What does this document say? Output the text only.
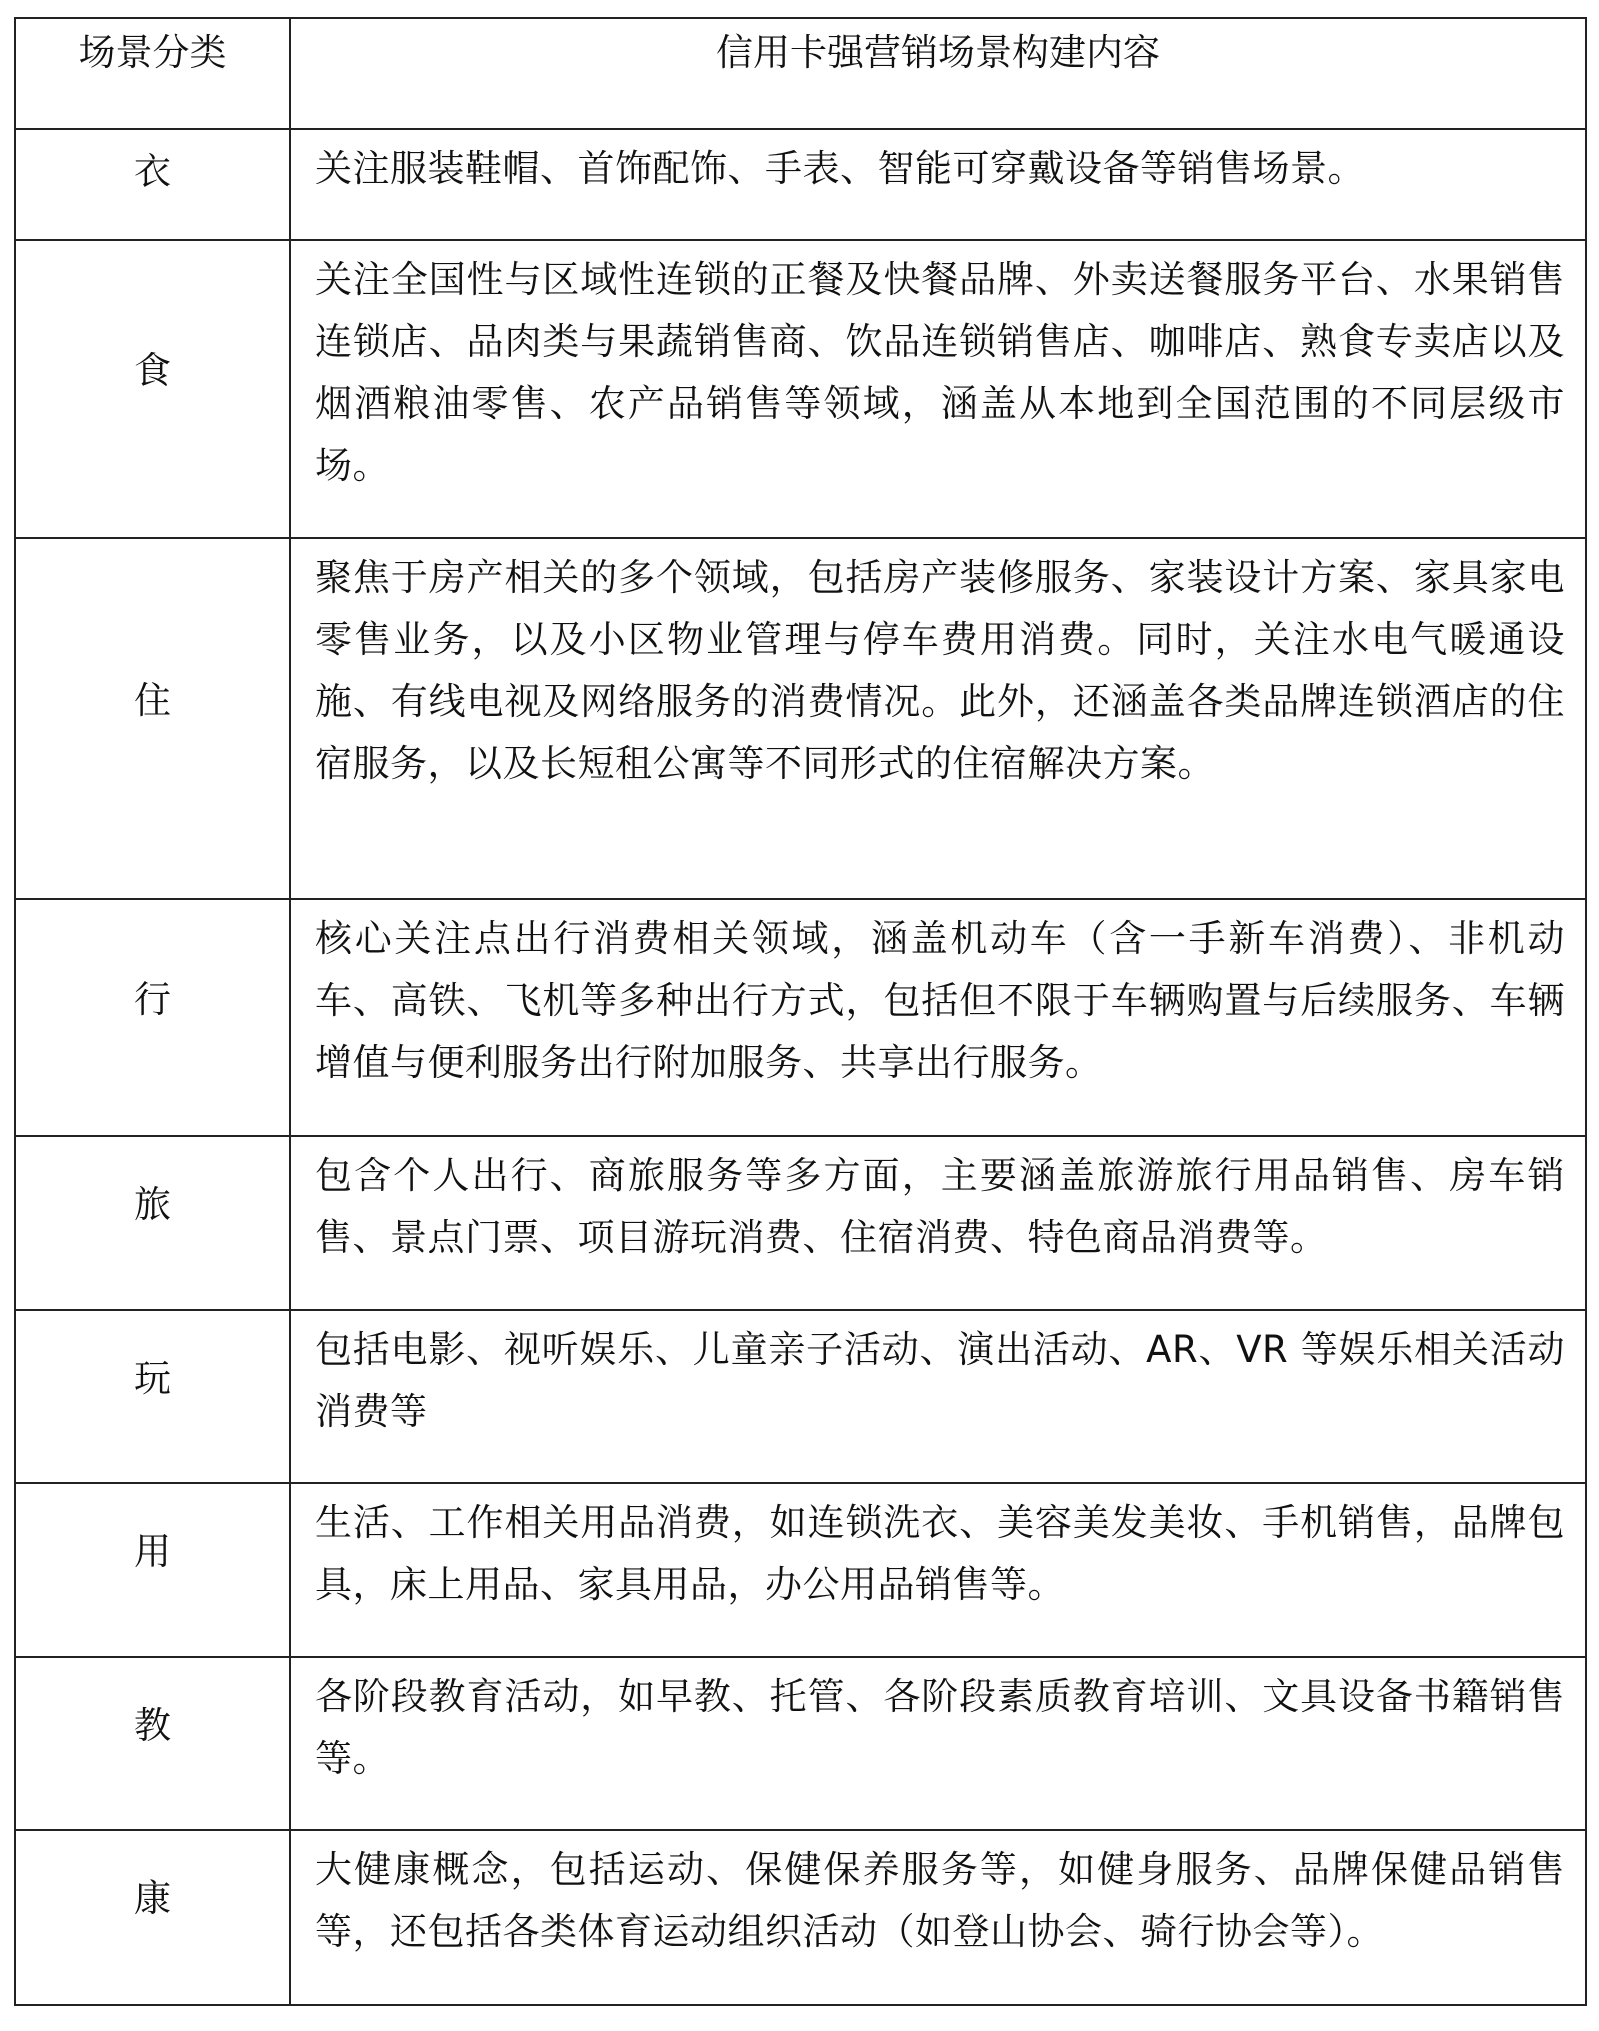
场景分类	信用卡强营销场景构建内容

衣	关注服装鞋帽、首饰配饰、手表、智能可穿戴设备等销售场景。

食	关注全国性与区域性连锁的正餐及快餐品牌、外卖送餐服务平台、水果销售连锁店、品肉类与果蔬销售商、饮品连锁销售店、咖啡店、熟食专卖店以及烟酒粮油零售、农产品销售等领域，涵盖从本地到全国范围的不同层级市场。

住	聚焦于房产相关的多个领域，包括房产装修服务、家装设计方案、家具家电零售业务，以及小区物业管理与停车费用消费。同时，关注水电气暖通设施、有线电视及网络服务的消费情况。此外，还涵盖各类品牌连锁酒店的住宿服务，以及长短租公寓等不同形式的住宿解决方案。

行	核心关注点出行消费相关领域，涵盖机动车（含一手新车消费）、非机动车、高铁、飞机等多种出行方式，包括但不限于车辆购置与后续服务、车辆增值与便利服务出行附加服务、共享出行服务。

旅	包含个人出行、商旅服务等多方面，主要涵盖旅游旅行用品销售、房车销售、景点门票、项目游玩消费、住宿消费、特色商品消费等。

玩	包括电影、视听娱乐、儿童亲子活动、演出活动、AR、VR 等娱乐相关活动消费等

用	生活、工作相关用品消费，如连锁洗衣、美容美发美妆、手机销售，品牌包具，床上用品、家具用品，办公用品销售等。

教	各阶段教育活动，如早教、托管、各阶段素质教育培训、文具设备书籍销售等。

康	大健康概念，包括运动、保健保养服务等，如健身服务、品牌保健品销售等，还包括各类体育运动组织活动（如登山协会、骑行协会等）。
